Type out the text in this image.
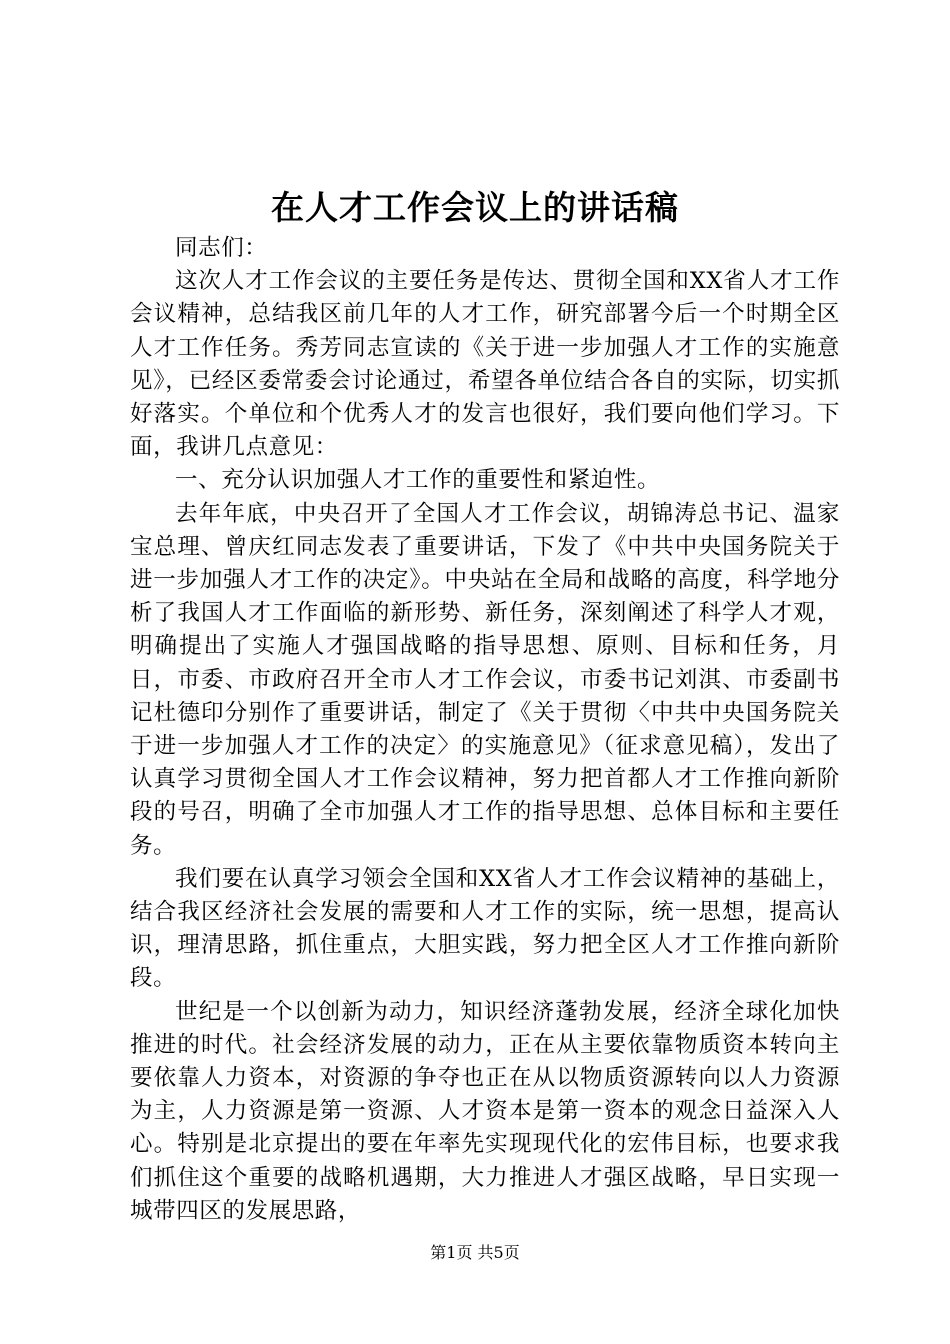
在人才工作会议上的讲话稿

同志们：

这次人才工作会议的主要任务是传达、贯彻全国和XX省人才工作会议精神，总结我区前几年的人才工作，研究部署今后一个时期全区人才工作任务。秀芳同志宣读的《关于进一步加强人才工作的实施意见》，已经区委常委会讨论通过，希望各单位结合各自的实际，切实抓好落实。个单位和个优秀人才的发言也很好，我们要向他们学习。下面，我讲几点意见：

一、充分认识加强人才工作的重要性和紧迫性。

去年年底，中央召开了全国人才工作会议，胡锦涛总书记、温家宝总理、曾庆红同志发表了重要讲话，下发了《中共中央国务院关于进一步加强人才工作的决定》。中央站在全局和战略的高度，科学地分析了我国人才工作面临的新形势、新任务，深刻阐述了科学人才观，明确提出了实施人才强国战略的指导思想、原则、目标和任务，月日，市委、市政府召开全市人才工作会议，市委书记刘淇、市委副书记杜德印分别作了重要讲话，制定了《关于贯彻〈中共中央国务院关于进一步加强人才工作的决定〉的实施意见》（征求意见稿），发出了认真学习贯彻全国人才工作会议精神，努力把首都人才工作推向新阶段的号召，明确了全市加强人才工作的指导思想、总体目标和主要任务。

我们要在认真学习领会全国和XX省人才工作会议精神的基础上，结合我区经济社会发展的需要和人才工作的实际，统一思想，提高认识，理清思路，抓住重点，大胆实践，努力把全区人才工作推向新阶段。

世纪是一个以创新为动力，知识经济蓬勃发展，经济全球化加快推进的时代。社会经济发展的动力，正在从主要依靠物质资本转向主要依靠人力资本，对资源的争夺也正在从以物质资源转向以人力资源为主，人力资源是第一资源、人才资本是第一资本的观念日益深入人心。特别是北京提出的要在年率先实现现代化的宏伟目标，也要求我们抓住这个重要的战略机遇期，大力推进人才强区战略，早日实现一城带四区的发展思路，

第1页 共5页
